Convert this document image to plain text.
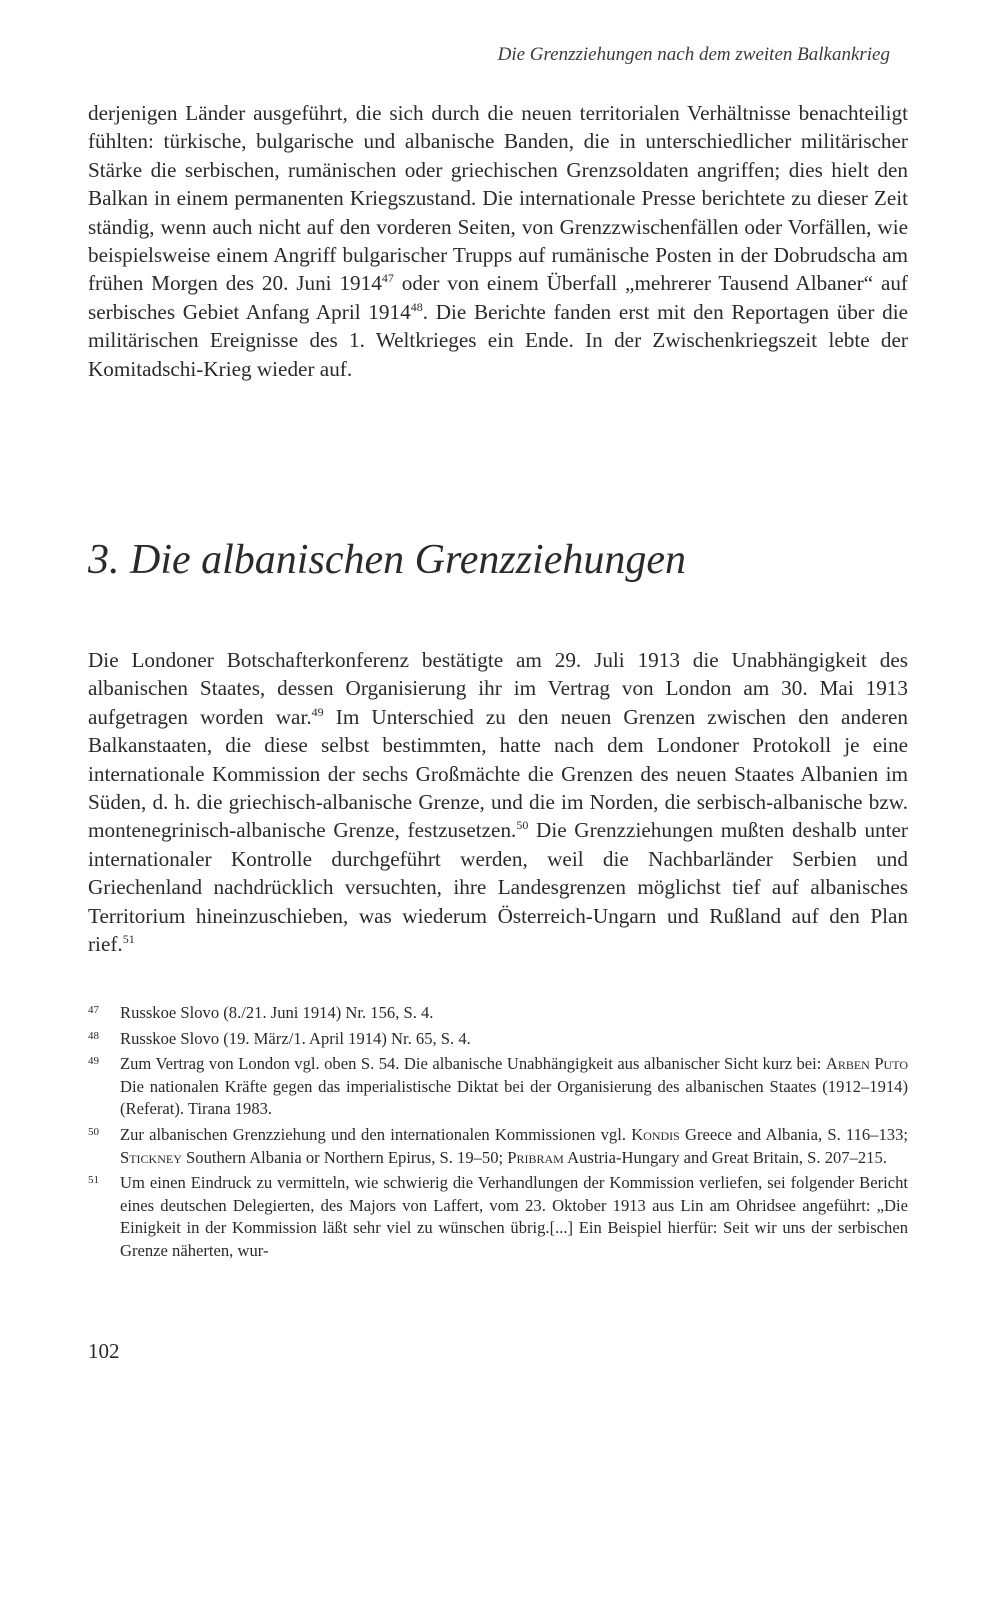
Die Grenzziehungen nach dem zweiten Balkankrieg

derjenigen Länder ausgeführt, die sich durch die neuen territorialen Verhältnisse benachteiligt fühlten: türkische, bulgarische und albanische Banden, die in unterschiedlicher militärischer Stärke die serbischen, rumänischen oder griechischen Grenzsoldaten angriffen; dies hielt den Balkan in einem permanenten Kriegszustand. Die internationale Presse berichtete zu dieser Zeit ständig, wenn auch nicht auf den vorderen Seiten, von Grenzzwischenfällen oder Vorfällen, wie beispielsweise einem Angriff bulgarischer Trupps auf rumänische Posten in der Dobrudscha am frühen Morgen des 20. Juni 1914$^{47}$ oder von einem Überfall „mehrerer Tausend Albaner“ auf serbisches Gebiet Anfang April 1914$^{48}$. Die Berichte fanden erst mit den Reportagen über die militärischen Ereignisse des 1. Weltkrieges ein Ende. In der Zwischenkriegszeit lebte der Komitadschi-Krieg wieder auf.

3. Die albanischen Grenzziehungen

Die Londoner Botschafterkonferenz bestätigte am 29. Juli 1913 die Unabhängigkeit des albanischen Staates, dessen Organisierung ihr im Vertrag von London am 30. Mai 1913 aufgetragen worden war.$^{49}$ Im Unterschied zu den neuen Grenzen zwischen den anderen Balkanstaaten, die diese selbst bestimmten, hatte nach dem Londoner Protokoll je eine internationale Kommission der sechs Großmächte die Grenzen des neuen Staates Albanien im Süden, d. h. die griechisch-albanische Grenze, und die im Norden, die serbisch-albanische bzw. montenegrinisch-albanische Grenze, festzusetzen.$^{50}$ Die Grenzziehungen mußten deshalb unter internationaler Kontrolle durchgeführt werden, weil die Nachbarländer Serbien und Griechenland nachdrücklich versuchten, ihre Landesgrenzen möglichst tief auf albanisches Territorium hineinzuschieben, was wiederum Österreich-Ungarn und Rußland auf den Plan rief.$^{51}$

47	Russkoe Slovo (8./21. Juni 1914) Nr. 156, S. 4.
48	Russkoe Slovo (19. März/1. April 1914) Nr. 65, S. 4.
49	Zum Vertrag von London vgl. oben S. 54. Die albanische Unabhängigkeit aus albanischer Sicht kurz bei: Arben Puto Die nationalen Kräfte gegen das imperialistische Diktat bei der Organisierung des albanischen Staates (1912–1914) (Referat). Tirana 1983.
50	Zur albanischen Grenzziehung und den internationalen Kommissionen vgl. Kondis Greece and Albania, S. 116–133; Stickney Southern Albania or Northern Epirus, S. 19–50; Pribram Austria-Hungary and Great Britain, S. 207–215.
51	Um einen Eindruck zu vermitteln, wie schwierig die Verhandlungen der Kommission verliefen, sei folgender Bericht eines deutschen Delegierten, des Majors von Laffert, vom 23. Oktober 1913 aus Lin am Ohridsee angeführt: „Die Einigkeit in der Kommission läßt sehr viel zu wünschen übrig.[...] Ein Beispiel hierfür: Seit wir uns der serbischen Grenze näherten, wur-
102
